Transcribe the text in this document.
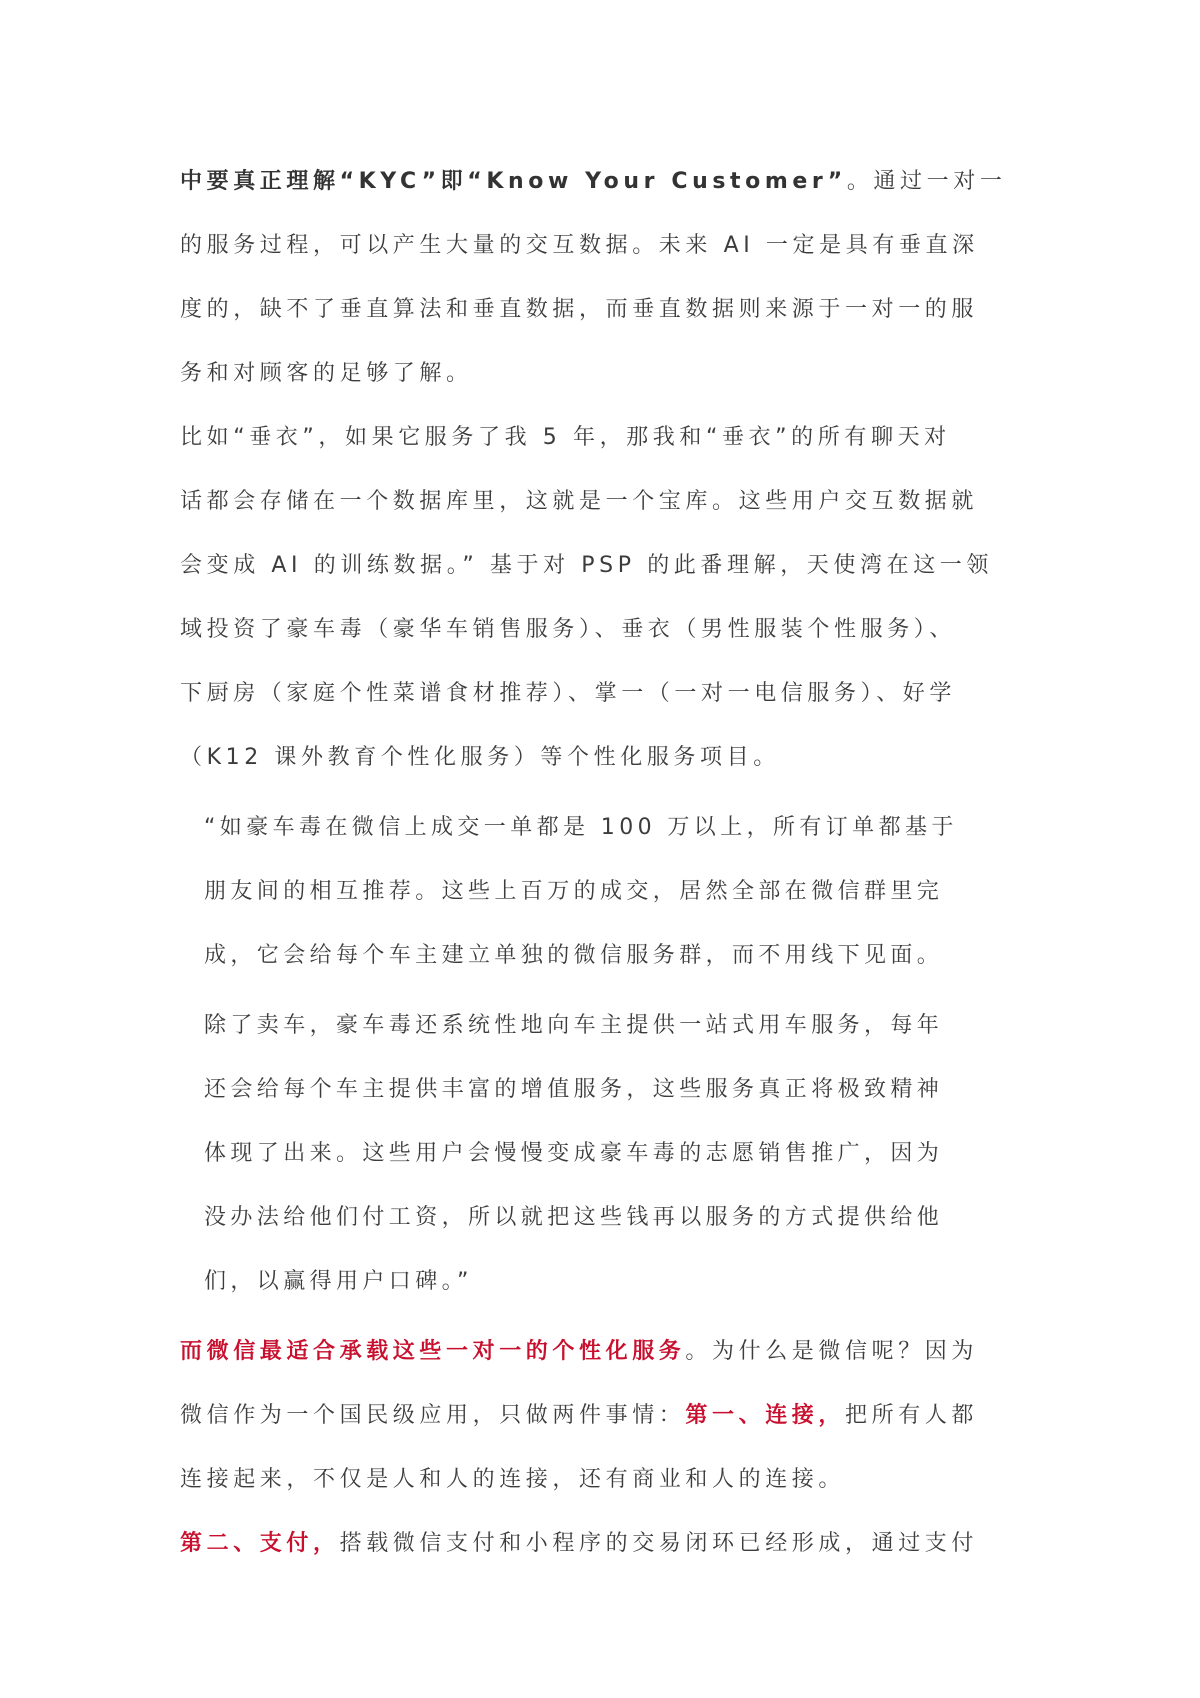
中要真正理解“KYC”即“Know Your Customer”。通过一对一
的服务过程，可以产生大量的交互数据。未来 AI 一定是具有垂直深
度的，缺不了垂直算法和垂直数据，而垂直数据则来源于一对一的服
务和对顾客的足够了解。
比如“垂衣”，如果它服务了我 5 年，那我和“垂衣”的所有聊天对
话都会存储在一个数据库里，这就是一个宝库。这些用户交互数据就
会变成 AI 的训练数据。” 基于对 PSP 的此番理解，天使湾在这一领
域投资了豪车毒（豪华车销售服务）、垂衣（男性服装个性服务）、
下厨房（家庭个性菜谱食材推荐）、掌一（一对一电信服务）、好学
（K12 课外教育个性化服务）等个性化服务项目。
“如豪车毒在微信上成交一单都是 100 万以上，所有订单都基于
朋友间的相互推荐。这些上百万的成交，居然全部在微信群里完
成，它会给每个车主建立单独的微信服务群，而不用线下见面。
除了卖车，豪车毒还系统性地向车主提供一站式用车服务，每年
还会给每个车主提供丰富的增值服务，这些服务真正将极致精神
体现了出来。这些用户会慢慢变成豪车毒的志愿销售推广，因为
没办法给他们付工资，所以就把这些钱再以服务的方式提供给他
们，以赢得用户口碑。”
而微信最适合承载这些一对一的个性化服务。为什么是微信呢？因为
微信作为一个国民级应用，只做两件事情：第一、连接，把所有人都
连接起来，不仅是人和人的连接，还有商业和人的连接。
第二、支付，搭载微信支付和小程序的交易闭环已经形成，通过支付
